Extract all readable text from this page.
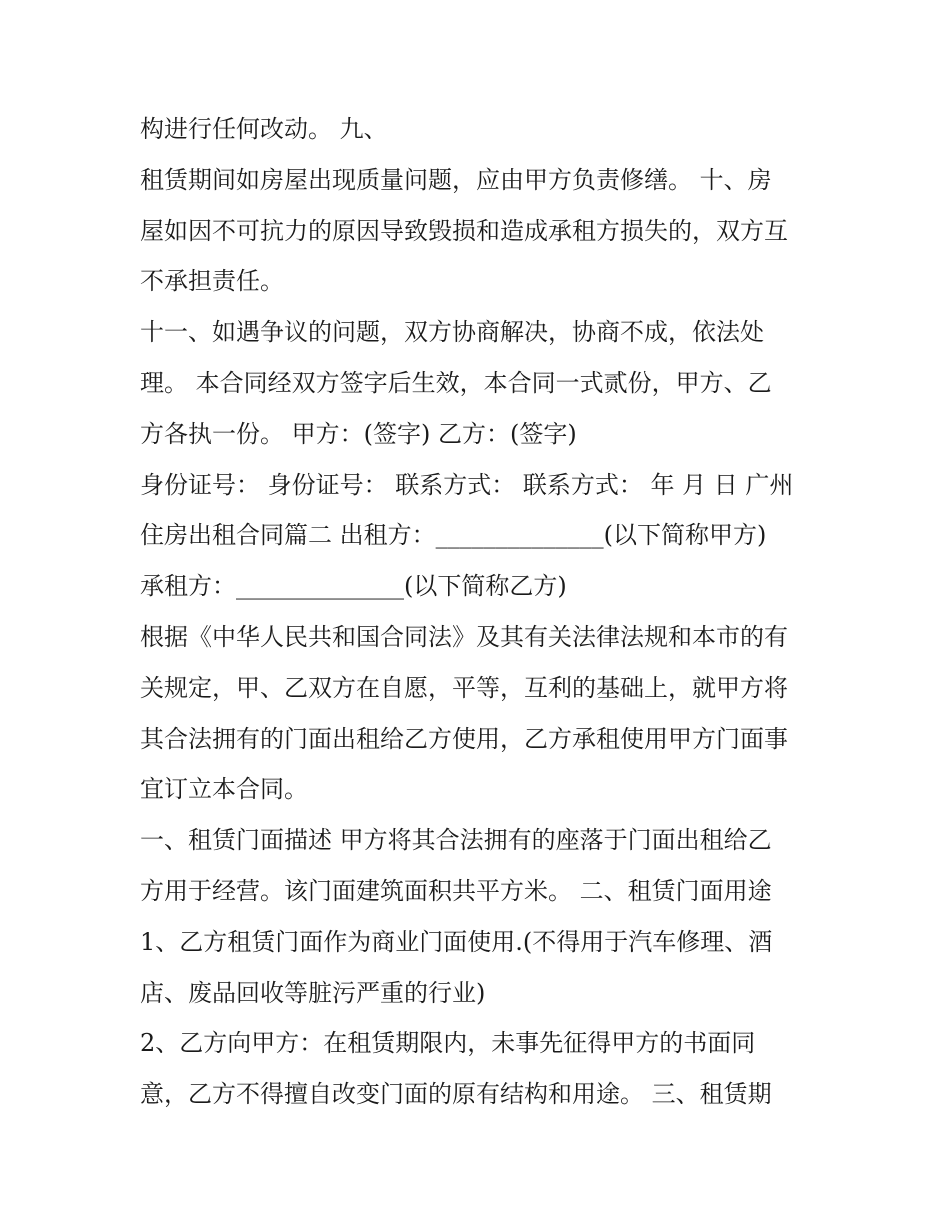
构进行任何改动。 九、
租赁期间如房屋出现质量问题，应由甲方负责修缮。 十、房
屋如因不可抗力的原因导致毁损和造成承租方损失的，双方互
不承担责任。
十一、如遇争议的问题，双方协商解决，协商不成，依法处
理。 本合同经双方签字后生效，本合同一式贰份，甲方、乙
方各执一份。 甲方：(签字) 乙方：(签字)
身份证号： 身份证号： 联系方式： 联系方式： 年 月 日 广州
住房出租合同篇二 出租方：______________(以下简称甲方)
承租方：______________(以下简称乙方)
根据《中华人民共和国合同法》及其有关法律法规和本市的有
关规定，甲、乙双方在自愿，平等，互利的基础上，就甲方将
其合法拥有的门面出租给乙方使用，乙方承租使用甲方门面事
宜订立本合同。
一、租赁门面描述 甲方将其合法拥有的座落于门面出租给乙
方用于经营。该门面建筑面积共平方米。 二、租赁门面用途
1、乙方租赁门面作为商业门面使用.(不得用于汽车修理、酒
店、废品回收等脏污严重的行业)
2、乙方向甲方：在租赁期限内，未事先征得甲方的书面同
意，乙方不得擅自改变门面的原有结构和用途。 三、租赁期
